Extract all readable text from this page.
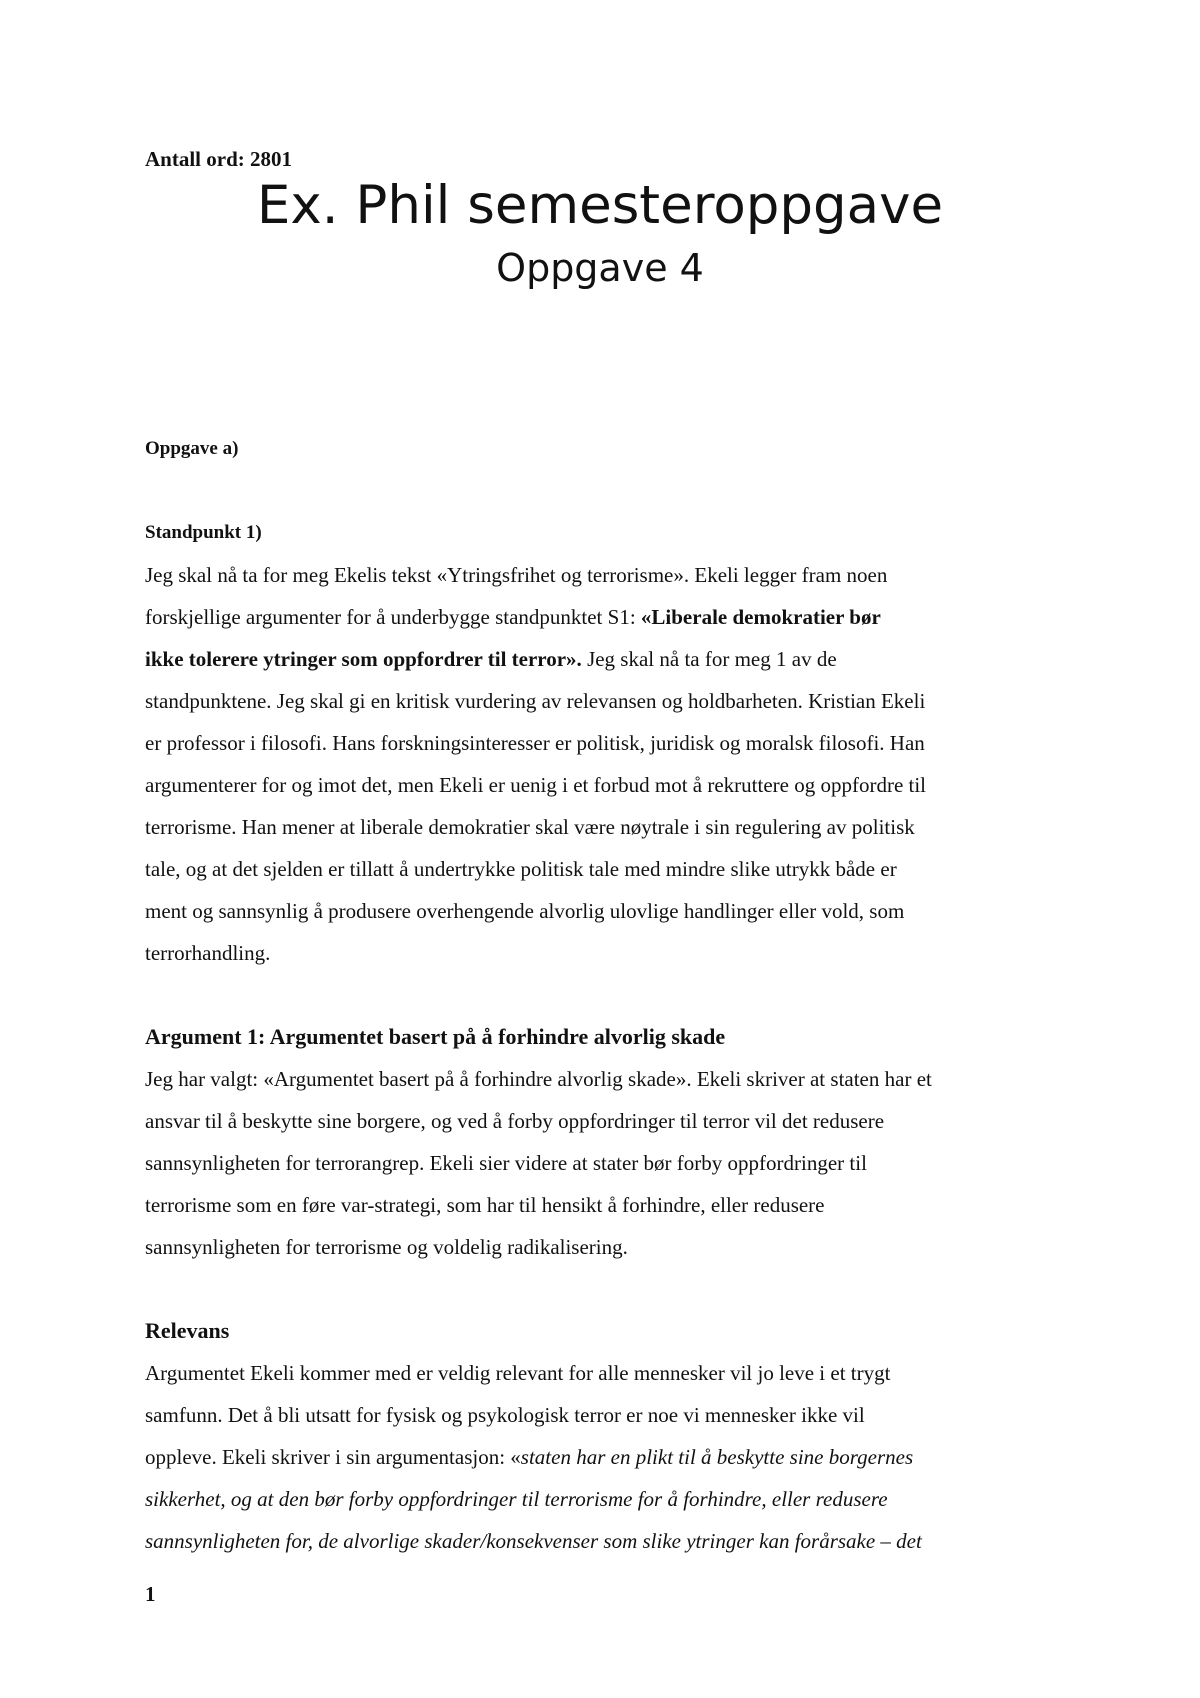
Antall ord: 2801
Ex. Phil semesteroppgave
Oppgave 4

Oppgave a)

Standpunkt 1)

Jeg skal nå ta for meg Ekelis tekst «Ytringsfrihet og terrorisme». Ekeli legger fram noen
forskjellige argumenter for å underbygge standpunktet S1: «Liberale demokratier bør
ikke tolerere ytringer som oppfordrer til terror». Jeg skal nå ta for meg 1 av de
standpunktene. Jeg skal gi en kritisk vurdering av relevansen og holdbarheten. Kristian Ekeli
er professor i filosofi. Hans forskningsinteresser er politisk, juridisk og moralsk filosofi. Han
argumenterer for og imot det, men Ekeli er uenig i et forbud mot å rekruttere og oppfordre til
terrorisme. Han mener at liberale demokratier skal være nøytrale i sin regulering av politisk
tale, og at det sjelden er tillatt å undertrykke politisk tale med mindre slike utrykk både er
ment og sannsynlig å produsere overhengende alvorlig ulovlige handlinger eller vold, som
terrorhandling.

Argument 1: Argumentet basert på å forhindre alvorlig skade

Jeg har valgt: «Argumentet basert på å forhindre alvorlig skade». Ekeli skriver at staten har et
ansvar til å beskytte sine borgere, og ved å forby oppfordringer til terror vil det redusere
sannsynligheten for terrorangrep. Ekeli sier videre at stater bør forby oppfordringer til
terrorisme som en føre var-strategi, som har til hensikt å forhindre, eller redusere
sannsynligheten for terrorisme og voldelig radikalisering.

Relevans

Argumentet Ekeli kommer med er veldig relevant for alle mennesker vil jo leve i et trygt
samfunn. Det å bli utsatt for fysisk og psykologisk terror er noe vi mennesker ikke vil
oppleve. Ekeli skriver i sin argumentasjon: «staten har en plikt til å beskytte sine borgernes
sikkerhet, og at den bør forby oppfordringer til terrorisme for å forhindre, eller redusere
sannsynligheten for, de alvorlige skader/konsekvenser som slike ytringer kan forårsake – det
1
